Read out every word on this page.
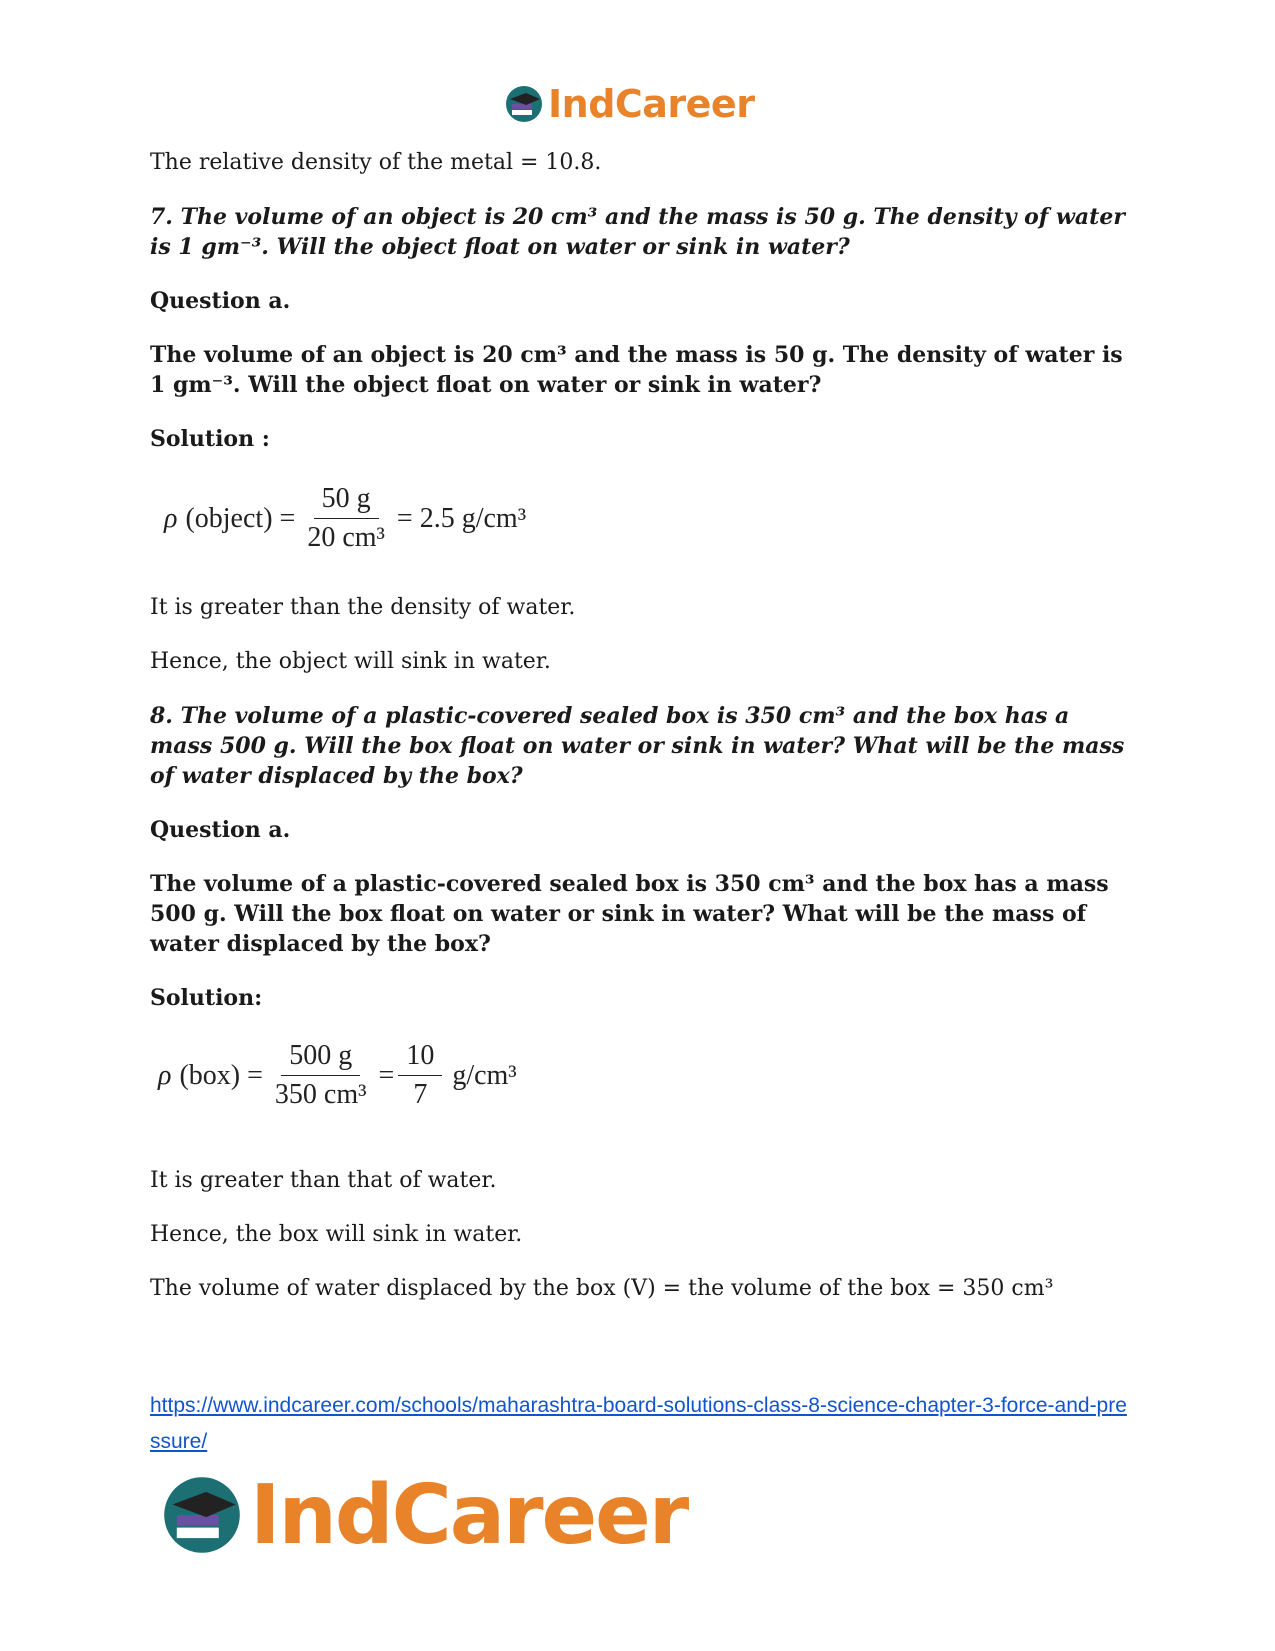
IndCareer

The relative density of the metal = 10.8.

7. The volume of an object is 20 cm³ and the mass is 50 g. The density of water is 1 gm⁻³. Will the object float on water or sink in water?

Question a.

The volume of an object is 20 cm³ and the mass is 50 g. The density of water is 1 gm⁻³. Will the object float on water or sink in water?

Solution :

ρ (object) = $\frac{50 g}{\text{20 cm³}} = 2.5$ g/cm³

It is greater than the density of water.

Hence, the object will sink in water.

8. The volume of a plastic-covered sealed box is 350 cm³ and the box has a mass 500 g. Will the box float on water or sink in water? What will be the mass of water displaced by the box?

Question a.

The volume of a plastic-covered sealed box is 350 cm³ and the box has a mass 500 g. Will the box float on water or sink in water? What will be the mass of water displaced by the box?

Solution:

ρ $(box) = \frac{500 g}{\text{350 cm³}} = \frac{10}{7} g/cm^3$

It is greater than that of water.

Hence, the box will sink in water.

The volume of water displaced by the box (V) = the volume of the box = 350 cm³

https://www.indcareer.com/schools/maharashtra-board-solutions-class-8-science-chapter-3-force-and-pressure/
IndCareer
